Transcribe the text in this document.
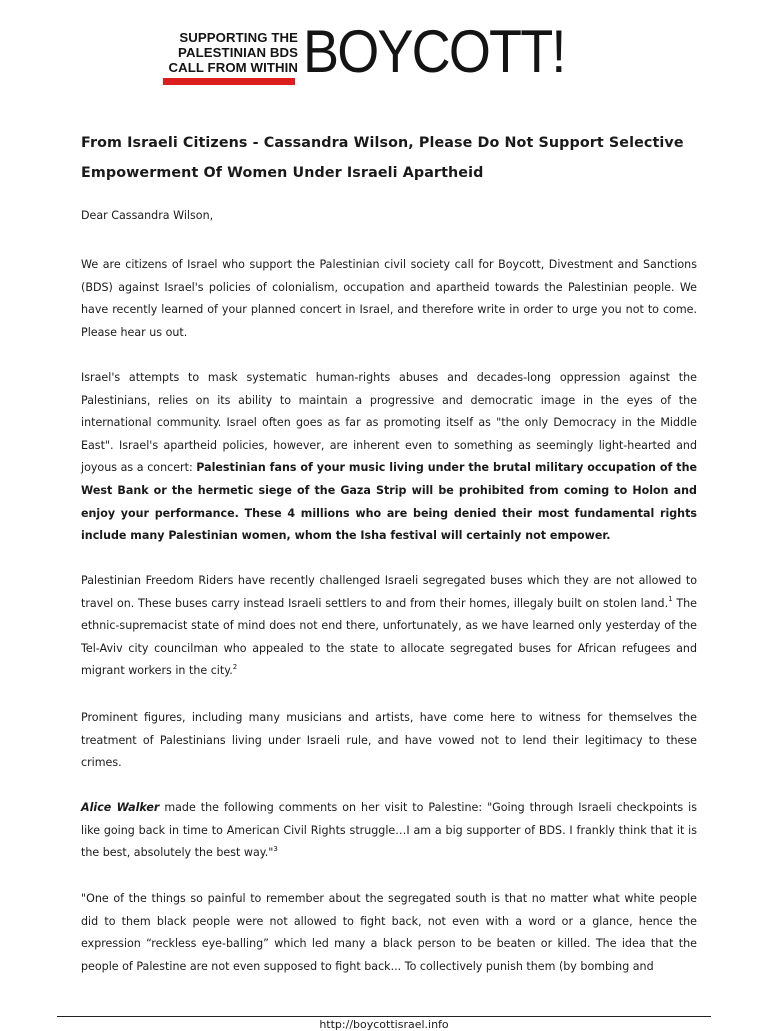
SUPPORTING THE
PALESTINIAN BDS
CALL FROM WITHIN BOYCOTT!
From Israeli Citizens - Cassandra Wilson, Please Do Not Support Selective Empowerment Of Women Under Israeli Apartheid

Dear Cassandra Wilson,

We are citizens of Israel who support the Palestinian civil society call for Boycott, Divestment and Sanctions (BDS) against Israel's policies of colonialism, occupation and apartheid towards the Palestinian people. We have recently learned of your planned concert in Israel, and therefore write in order to urge you not to come. Please hear us out.

Israel's attempts to mask systematic human-rights abuses and decades-long oppression against the Palestinians, relies on its ability to maintain a progressive and democratic image in the eyes of the international community. Israel often goes as far as promoting itself as "the only Democracy in the Middle East". Israel's apartheid policies, however, are inherent even to something as seemingly light-hearted and joyous as a concert: Palestinian fans of your music living under the brutal military occupation of the West Bank or the hermetic siege of the Gaza Strip will be prohibited from coming to Holon and enjoy your performance. These 4 millions who are being denied their most fundamental rights include many Palestinian women, whom the Isha festival will certainly not empower.

Palestinian Freedom Riders have recently challenged Israeli segregated buses which they are not allowed to travel on. These buses carry instead Israeli settlers to and from their homes, illegaly built on stolen land.$^1$ The ethnic-supremacist state of mind does not end there, unfortunately, as we have learned only yesterday of the Tel-Aviv city councilman who appealed to the state to allocate segregated buses for African refugees and migrant workers in the city.$^2$

Prominent figures, including many musicians and artists, have come here to witness for themselves the treatment of Palestinians living under Israeli rule, and have vowed not to lend their legitimacy to these crimes.

Alice Walker made the following comments on her visit to Palestine: "Going through Israeli checkpoints is like going back in time to American Civil Rights struggle…I am a big supporter of BDS. I frankly think that it is the best, absolutely the best way."$^3$

"One of the things so painful to remember about the segregated south is that no matter what white people did to them black people were not allowed to fight back, not even with a word or a glance, hence the expression “reckless eye-balling” which led many a black person to be beaten or killed. The idea that the people of Palestine are not even supposed to fight back... To collectively punish them (by bombing and

http://boycottisrael.info
